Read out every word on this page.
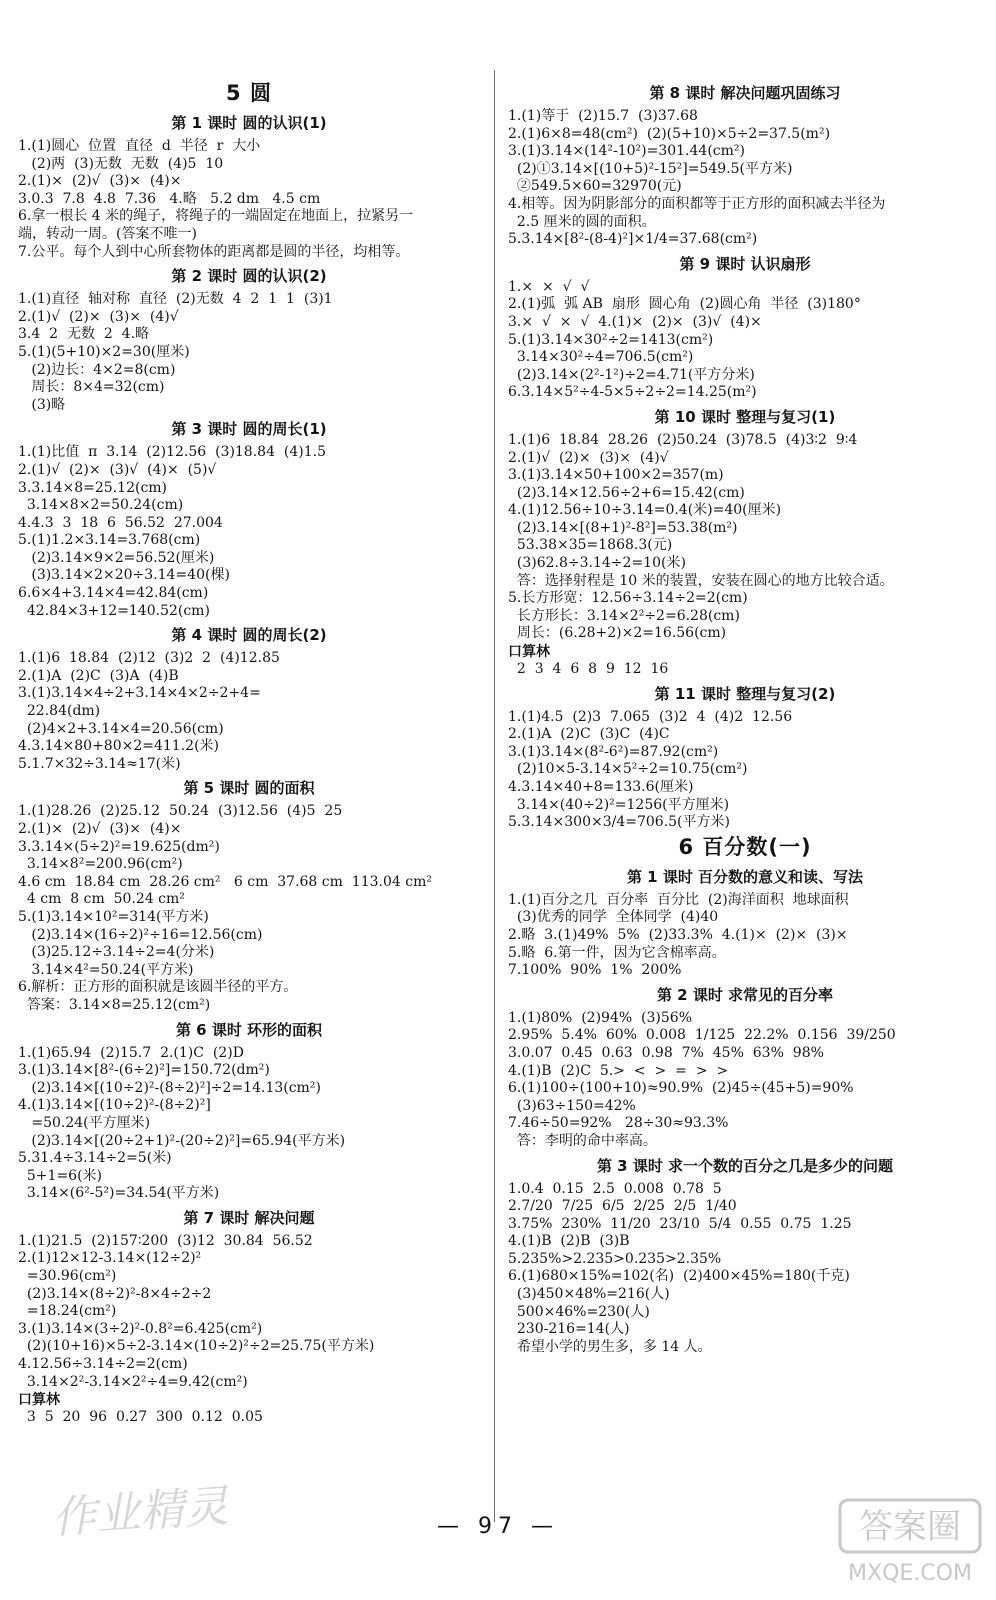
5 圆
第 1 课时 圆的认识(1)
1.(1)圆心  位置  直径  d  半径  r  大小
(2)两  (3)无数  无数  (4)5  10
2.(1)×  (2)√  (3)×  (4)×
3.0.3  7.8  4.8  7.36   4.略   5.2 dm   4.5 cm
6.拿一根长 4 米的绳子，将绳子的一端固定在地面上，拉紧另一
端，转动一周。(答案不唯一)
7.公平。每个人到中心所套物体的距离都是圆的半径，均相等。
第 2 课时 圆的认识(2)
1.(1)直径  轴对称  直径  (2)无数  4  2  1  1  (3)1
2.(1)√  (2)×  (3)×  (4)√
3.4  2  无数  2  4.略
5.(1)(5+10)×2=30(厘米)
(2)边长：4×2=8(cm)
周长：8×4=32(cm)
(3)略
第 3 课时 圆的周长(1)
1.(1)比值  π  3.14  (2)12.56  (3)18.84  (4)1.5
2.(1)√  (2)×  (3)√  (4)×  (5)√
3.3.14×8=25.12(cm)
3.14×8×2=50.24(cm)
4.4.3  3  18  6  56.52  27.004
5.(1)1.2×3.14=3.768(cm)
(2)3.14×9×2=56.52(厘米)
(3)3.14×2×20÷3.14=40(棵)
6.6×4+3.14×4=42.84(cm)
42.84×3+12=140.52(cm)
第 4 课时 圆的周长(2)
1.(1)6  18.84  (2)12  (3)2  2  (4)12.85
2.(1)A  (2)C  (3)A  (4)B
3.(1)3.14×4÷2+3.14×4×2÷2+4=
22.84(dm)
(2)4×2+3.14×4=20.56(cm)
4.3.14×80+80×2=411.2(米)
5.1.7×32÷3.14≈17(米)
第 5 课时 圆的面积
1.(1)28.26  (2)25.12  50.24  (3)12.56  (4)5  25
2.(1)×  (2)√  (3)×  (4)×
3.3.14×(5÷2)²=19.625(dm²)
3.14×8²=200.96(cm²)
4.6 cm  18.84 cm  28.26 cm²   6 cm  37.68 cm  113.04 cm²
4 cm  8 cm  50.24 cm²
5.(1)3.14×10²=314(平方米)
(2)3.14×(16÷2)²÷16=12.56(cm)
(3)25.12÷3.14÷2=4(分米)
3.14×4²=50.24(平方米)
6.解析：正方形的面积就是该圆半径的平方。
答案：3.14×8=25.12(cm²)
第 6 课时 环形的面积
1.(1)65.94  (2)15.7  2.(1)C  (2)D
3.(1)3.14×[8²-(6÷2)²]=150.72(dm²)
(2)3.14×[(10÷2)²-(8÷2)²]÷2=14.13(cm²)
4.(1)3.14×[(10÷2)²-(8÷2)²]
=50.24(平方厘米)
(2)3.14×[(20÷2+1)²-(20÷2)²]=65.94(平方米)
5.31.4÷3.14÷2=5(米)
5+1=6(米)
3.14×(6²-5²)=34.54(平方米)
第 7 课时 解决问题
1.(1)21.5  (2)157∶200  (3)12  30.84  56.52
2.(1)12×12-3.14×(12÷2)²
=30.96(cm²)
(2)3.14×(8÷2)²-8×4÷2÷2
=18.24(cm²)
3.(1)3.14×(3÷2)²-0.8²=6.425(cm²)
(2)(10+16)×5÷2-3.14×(10÷2)²÷2=25.75(平方米)
4.12.56÷3.14÷2=2(cm)
3.14×2²-3.14×2²÷4=9.42(cm²)
口算林
3  5  20  96  0.27  300  0.12  0.05
第 8 课时 解决问题巩固练习
1.(1)等于  (2)15.7  (3)37.68
2.(1)6×8=48(cm²)  (2)(5+10)×5÷2=37.5(m²)
3.(1)3.14×(14²-10²)=301.44(cm²)
(2)①3.14×[(10+5)²-15²]=549.5(平方米)
②549.5×60=32970(元)
4.相等。因为阴影部分的面积都等于正方形的面积减去半径为
2.5 厘米的圆的面积。
5.3.14×[8²-(8-4)²]×1/4=37.68(cm²)
第 9 课时 认识扇形
1.×  ×  √  √
2.(1)弧  弧 AB  扇形  圆心角  (2)圆心角  半径  (3)180°
3.×  √  ×  √  4.(1)×  (2)×  (3)√  (4)×
5.(1)3.14×30²÷2=1413(cm²)
3.14×30²÷4=706.5(cm²)
(2)3.14×(2²-1²)÷2=4.71(平方分米)
6.3.14×5²÷4-5×5÷2÷2=14.25(m²)
第 10 课时 整理与复习(1)
1.(1)6  18.84  28.26  (2)50.24  (3)78.5  (4)3∶2  9∶4
2.(1)√  (2)×  (3)×  (4)√
3.(1)3.14×50+100×2=357(m)
(2)3.14×12.56÷2+6=15.42(cm)
4.(1)12.56÷10÷3.14=0.4(米)=40(厘米)
(2)3.14×[(8+1)²-8²]=53.38(m²)
53.38×35=1868.3(元)
(3)62.8÷3.14÷2=10(米)
答：选择射程是 10 米的装置，安装在圆心的地方比较合适。
5.长方形宽：12.56÷3.14÷2=2(cm)
长方形长：3.14×2²÷2=6.28(cm)
周长：(6.28+2)×2=16.56(cm)
口算林
2  3  4  6  8  9  12  16
第 11 课时 整理与复习(2)
1.(1)4.5  (2)3  7.065  (3)2  4  (4)2  12.56
2.(1)A  (2)C  (3)C  (4)C
3.(1)3.14×(8²-6²)=87.92(cm²)
(2)10×5-3.14×5²÷2=10.75(cm²)
4.3.14×40+8=133.6(厘米)
3.14×(40÷2)²=1256(平方厘米)
5.3.14×300×3/4=706.5(平方米)
6 百分数(一)
第 1 课时 百分数的意义和读、写法
1.(1)百分之几  百分率  百分比  (2)海洋面积  地球面积
(3)优秀的同学  全体同学  (4)40
2.略  3.(1)49%  5%  (2)33.3%  4.(1)×  (2)×  (3)×
5.略  6.第一件，因为它含棉率高。
7.100%  90%  1%  200%
第 2 课时 求常见的百分率
1.(1)80%  (2)94%  (3)56%
2.95%  5.4%  60%  0.008  1/125  22.2%  0.156  39/250
3.0.07  0.45  0.63  0.98  7%  45%  63%  98%
4.(1)B  (2)C  5.>  <  >  =  >  >
6.(1)100÷(100+10)≈90.9%  (2)45÷(45+5)=90%
(3)63÷150=42%
7.46÷50=92%   28÷30≈93.3%
答：李明的命中率高。
第 3 课时 求一个数的百分之几是多少的问题
1.0.4  0.15  2.5  0.008  0.78  5
2.7/20  7/25  6/5  2/25  2/5  1/40
3.75%  230%  11/20  23/10  5/4  0.55  0.75  1.25
4.(1)B  (2)B  (3)B
5.235%>2.235>0.235>2.35%
6.(1)680×15%=102(名)  (2)400×45%=180(千克)
(3)450×48%=216(人)
500×46%=230(人)
230-216=14(人)
希望小学的男生多，多 14 人。
— 97 —
作业精灵	答案圈
MXQE.COM
